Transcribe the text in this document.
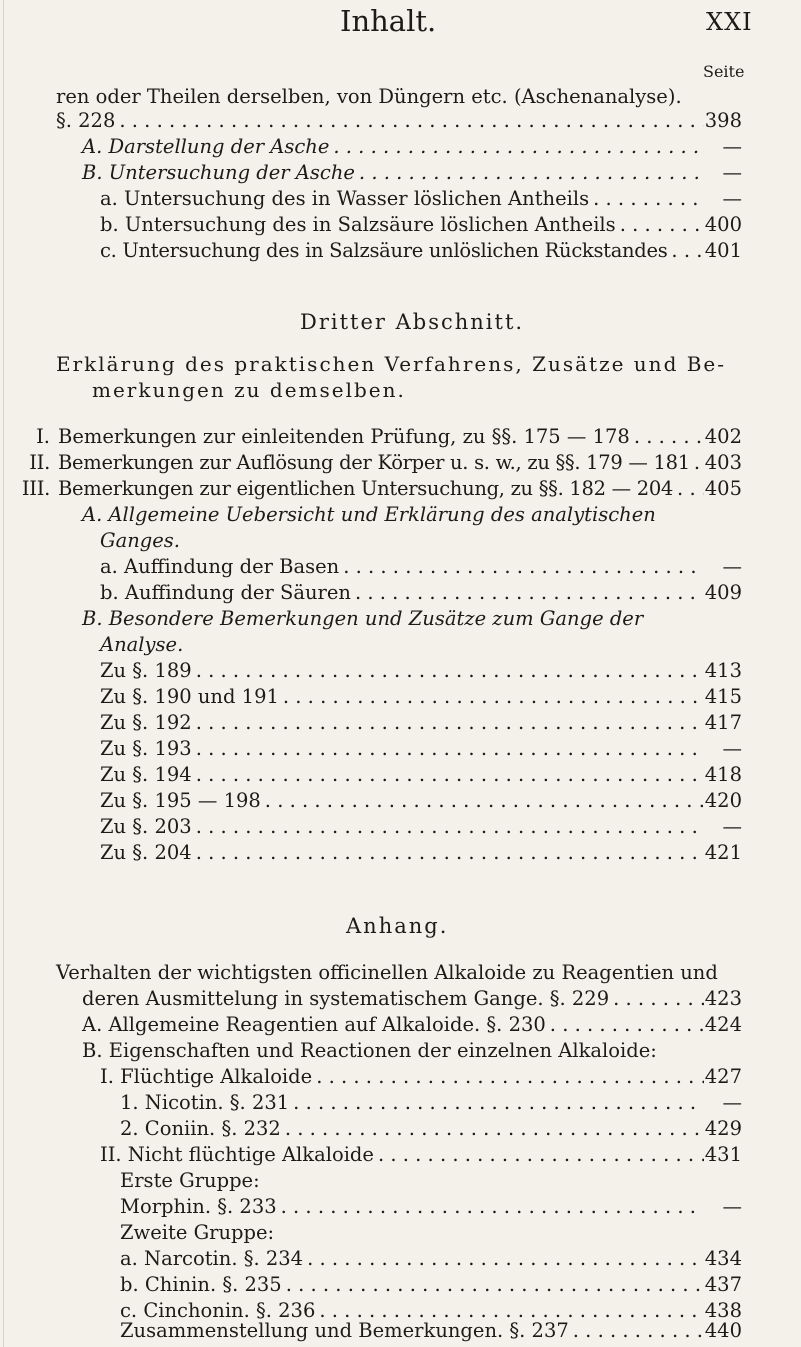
Inhalt.	XXI
Seite
ren oder Theilen derselben, von Düngern etc. (Aschenanalyse).
§. 228 . . .	398
A. Darstellung der Asche . . .	—
B. Untersuchung der Asche . . .	—
a. Untersuchung des in Wasser löslichen Antheils . . .	—
b. Untersuchung des in Salzsäure löslichen Antheils . . .	400
c. Untersuchung des in Salzsäure unlöslichen Rückstandes . . . 401
Dritter Abschnitt.
Erklärung des praktischen Verfahrens, Zusätze und Be-
merkungen zu demselben.
I. Bemerkungen zur einleitenden Prüfung, zu §§. 175 — 178 . . .	402
II. Bemerkungen zur Auflösung der Körper u. s. w., zu §§. 179 — 181 . . . 403
III. Bemerkungen zur eigentlichen Untersuchung, zu §§. 182 — 204 . . . 405
A. Allgemeine Uebersicht und Erklärung des analytischen
Ganges.
a. Auffindung der Basen . . .	—
b. Auffindung der Säuren . . .	409
B. Besondere Bemerkungen und Zusätze zum Gange der
Analyse.
Zu §. 189 . . .	413
Zu §. 190 und 191 . . .	415
Zu §. 192 . . .	417
Zu §. 193 . . .	—
Zu §. 194 . . .	418
Zu §. 195 — 198 . . .	420
Zu §. 203 . . .	—
Zu §. 204 . . .	421
Anhang.
Verhalten der wichtigsten officinellen Alkaloide zu Reagentien und
deren Ausmittelung in systematischem Gange. §. 229 . . .	423
A. Allgemeine Reagentien auf Alkaloide. §. 230 . . .	424
B. Eigenschaften und Reactionen der einzelnen Alkaloide:
I. Flüchtige Alkaloide . . .	427
1. Nicotin. §. 231 . . .	—
2. Coniin. §. 232 . . .	429
II. Nicht flüchtige Alkaloide . . .	431
Erste Gruppe:
Morphin. §. 233 . . .	—
Zweite Gruppe:
a. Narcotin. §. 234 . . .	434
b. Chinin. §. 235 . . .	437
c. Cinchonin. §. 236 . . .	438
Zusammenstellung und Bemerkungen. §. 237 . . .	440
